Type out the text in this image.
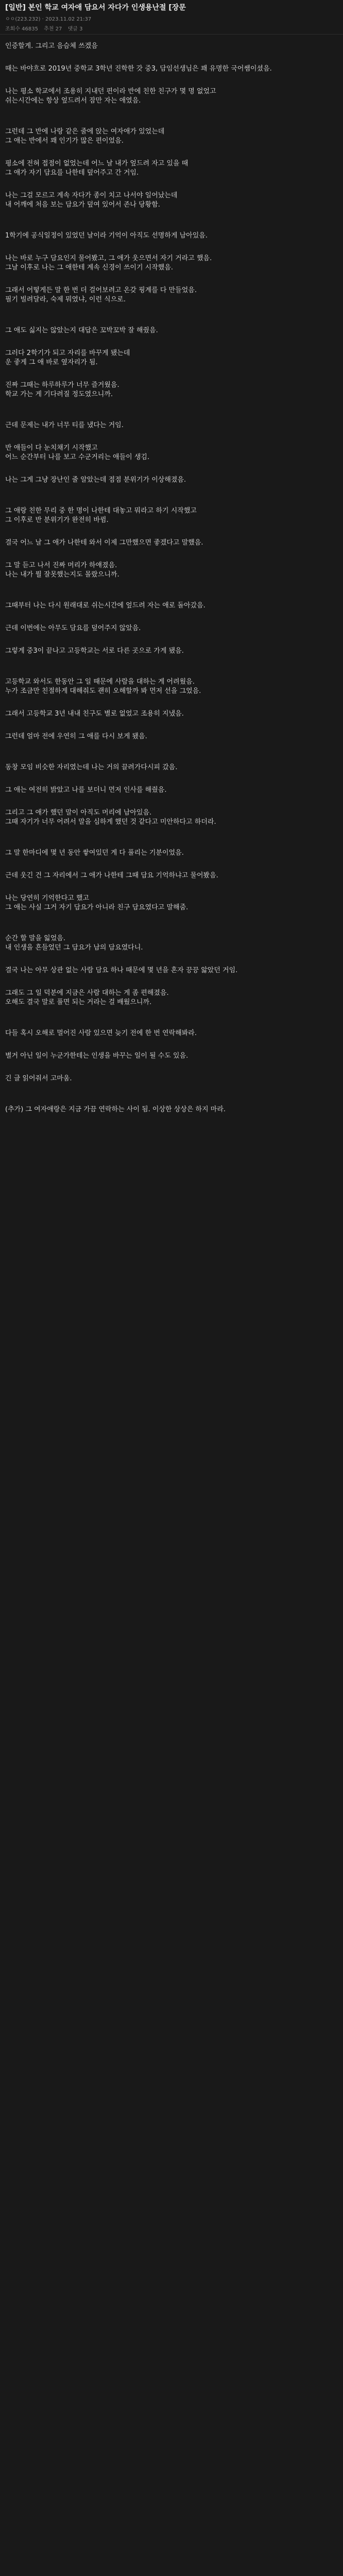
[일반] 본인 학교 여자애 담요서 자다가 인생용난절 [장문
ㅇㅇ(223.232) · 2023.11.02 21:37
조회수 46835 추천 27 댓글 3
인증할게. 그리고 음슴체 쓰겠음
때는 바야흐로 2019년 중학교 3학년 진학한 갓 중3, 담임선생님은 꽤 유명한 국어쌤이셨음.
나는 평소 학교에서 조용히 지내던 편이라 반에 친한 친구가 몇 명 없었고
쉬는시간에는 항상 엎드려서 잠만 자는 애였음.
그런데 그 반에 나랑 같은 줄에 앉는 여자애가 있었는데
그 애는 반에서 꽤 인기가 많은 편이었음.
평소에 전혀 접점이 없었는데 어느 날 내가 엎드려 자고 있을 때
그 애가 자기 담요를 나한테 덮어주고 간 거임.
나는 그걸 모르고 계속 자다가 종이 치고 나서야 일어났는데
내 어깨에 처음 보는 담요가 덮여 있어서 존나 당황함.
1학기에 공식일정이 있었던 날이라 기억이 아직도 선명하게 남아있음.
나는 바로 누구 담요인지 물어봤고, 그 애가 웃으면서 자기 거라고 했음.
그날 이후로 나는 그 애한테 계속 신경이 쓰이기 시작했음.
그래서 어떻게든 말 한 번 더 걸어보려고 온갖 핑계를 다 만들었음.
필기 빌려달라, 숙제 뭐였냐, 이런 식으로.
그 애도 싫지는 않았는지 대답은 꼬박꼬박 잘 해줬음.
그러다 2학기가 되고 자리를 바꾸게 됐는데
운 좋게 그 애 바로 옆자리가 됨.
진짜 그때는 하루하루가 너무 즐거웠음.
학교 가는 게 기다려질 정도였으니까.
근데 문제는 내가 너무 티를 냈다는 거임.
반 애들이 다 눈치채기 시작했고
어느 순간부터 나를 보고 수군거리는 애들이 생김.
나는 그게 그냥 장난인 줄 알았는데 점점 분위기가 이상해졌음.
그 애랑 친한 무리 중 한 명이 나한테 대놓고 뭐라고 하기 시작했고
그 이후로 반 분위기가 완전히 바뀜.
결국 어느 날 그 애가 나한테 와서 이제 그만했으면 좋겠다고 말했음.
그 말 듣고 나서 진짜 머리가 하얘졌음.
나는 내가 뭘 잘못했는지도 몰랐으니까.
그때부터 나는 다시 원래대로 쉬는시간에 엎드려 자는 애로 돌아갔음.
근데 이번에는 아무도 담요를 덮어주지 않았음.
그렇게 중3이 끝나고 고등학교는 서로 다른 곳으로 가게 됐음.
고등학교 와서도 한동안 그 일 때문에 사람을 대하는 게 어려웠음.
누가 조금만 친절하게 대해줘도 괜히 오해할까 봐 먼저 선을 그었음.
그래서 고등학교 3년 내내 친구도 별로 없었고 조용히 지냈음.
그런데 얼마 전에 우연히 그 애를 다시 보게 됐음.
동창 모임 비슷한 자리였는데 나는 거의 끌려가다시피 갔음.
그 애는 여전히 밝았고 나를 보더니 먼저 인사를 해줬음.
그리고 그 애가 했던 말이 아직도 머리에 남아있음.
그때 자기가 너무 어려서 말을 심하게 했던 것 같다고 미안하다고 하더라.
그 말 한마디에 몇 년 동안 쌓여있던 게 다 풀리는 기분이었음.
근데 웃긴 건 그 자리에서 그 애가 나한테 그때 담요 기억하냐고 물어봤음.
나는 당연히 기억한다고 했고
그 애는 사실 그거 자기 담요가 아니라 친구 담요였다고 말해줌.
순간 할 말을 잃었음.
내 인생을 흔들었던 그 담요가 남의 담요였다니.
결국 나는 아무 상관 없는 사람 담요 하나 때문에 몇 년을 혼자 끙끙 앓았던 거임.
그래도 그 일 덕분에 지금은 사람 대하는 게 좀 편해졌음.
오해도 결국 말로 풀면 되는 거라는 걸 배웠으니까.
다들 혹시 오해로 멀어진 사람 있으면 늦기 전에 한 번 연락해봐라.
별거 아닌 일이 누군가한테는 인생을 바꾸는 일이 될 수도 있음.
긴 글 읽어줘서 고마움.
(추가) 그 여자애랑은 지금 가끔 연락하는 사이 됨. 이상한 상상은 하지 마라.
